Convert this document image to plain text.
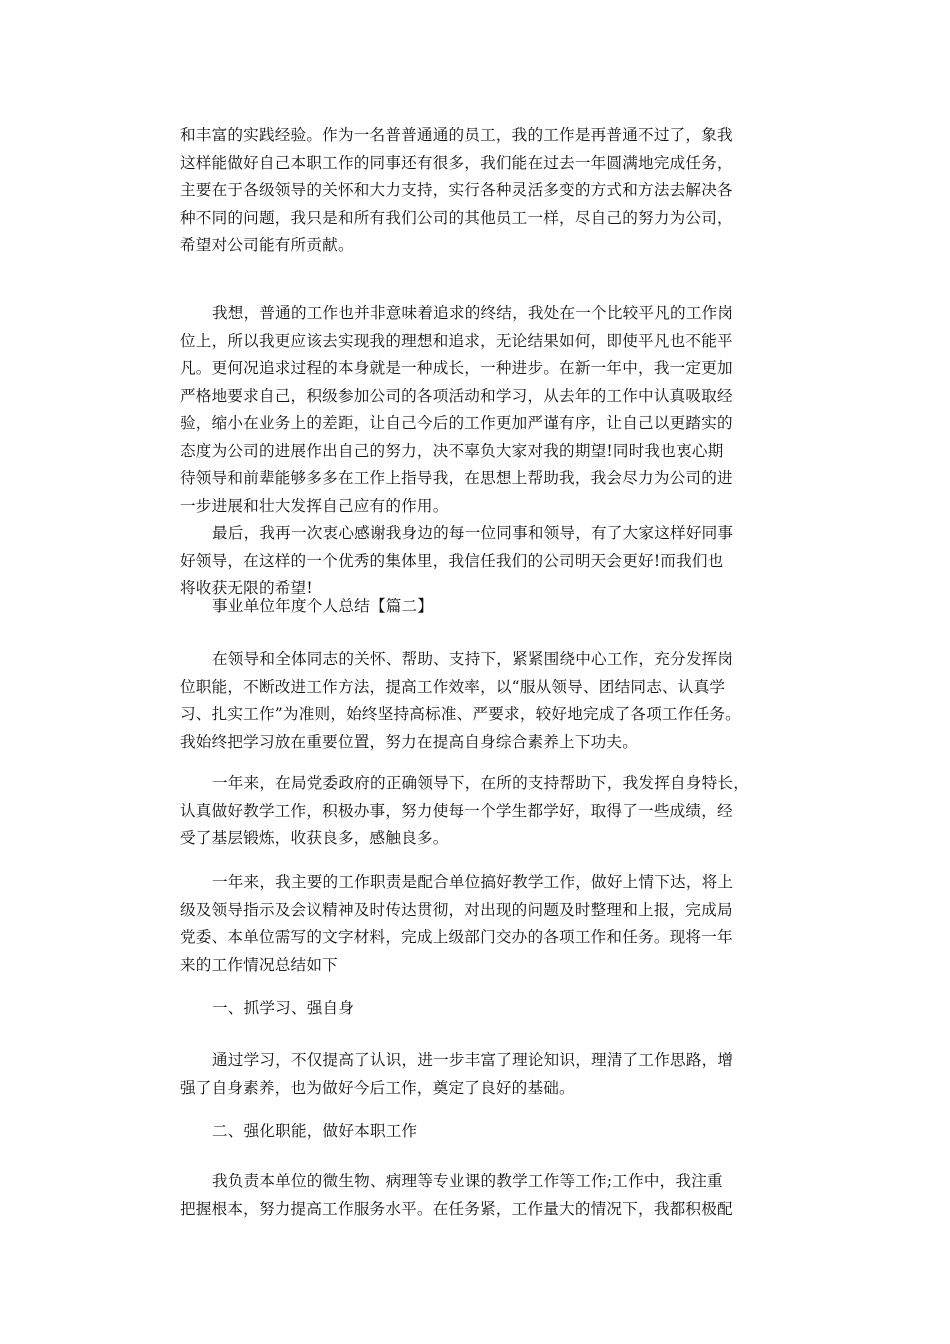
和丰富的实践经验。作为一名普普通通的员工，我的工作是再普通不过了，象我
这样能做好自己本职工作的同事还有很多，我们能在过去一年圆满地完成任务，
主要在于各级领导的关怀和大力支持，实行各种灵活多变的方式和方法去解决各
种不同的问题，我只是和所有我们公司的其他员工一样，尽自己的努力为公司，
希望对公司能有所贡献。
我想，普通的工作也并非意味着追求的终结，我处在一个比较平凡的工作岗
位上，所以我更应该去实现我的理想和追求，无论结果如何，即使平凡也不能平
凡。更何况追求过程的本身就是一种成长，一种进步。在新一年中，我一定更加
严格地要求自己，积级参加公司的各项活动和学习，从去年的工作中认真吸取经
验，缩小在业务上的差距，让自己今后的工作更加严谨有序，让自己以更踏实的
态度为公司的进展作出自己的努力，决不辜负大家对我的期望!同时我也衷心期
待领导和前辈能够多多在工作上指导我，在思想上帮助我，我会尽力为公司的进
一步进展和壮大发挥自己应有的作用。
最后，我再一次衷心感谢我身边的每一位同事和领导，有了大家这样好同事
好领导，在这样的一个优秀的集体里，我信任我们的公司明天会更好!而我们也
将收获无限的希望!
事业单位年度个人总结【篇二】
在领导和全体同志的关怀、帮助、支持下，紧紧围绕中心工作，充分发挥岗
位职能，不断改进工作方法，提高工作效率，以“服从领导、团结同志、认真学
习、扎实工作”为准则，始终坚持高标准、严要求，较好地完成了各项工作任务。
我始终把学习放在重要位置，努力在提高自身综合素养上下功夫。
一年来，在局党委政府的正确领导下，在所的支持帮助下，我发挥自身特长，
认真做好教学工作，积极办事，努力使每一个学生都学好，取得了一些成绩，经
受了基层锻炼，收获良多，感触良多。
一年来，我主要的工作职责是配合单位搞好教学工作，做好上情下达，将上
级及领导指示及会议精神及时传达贯彻，对出现的问题及时整理和上报，完成局
党委、本单位需写的文字材料，完成上级部门交办的各项工作和任务。现将一年
来的工作情况总结如下
一、抓学习、强自身
通过学习，不仅提高了认识，进一步丰富了理论知识，理清了工作思路，增
强了自身素养，也为做好今后工作，奠定了良好的基础。
二、强化职能，做好本职工作
我负责本单位的微生物、病理等专业课的教学工作等工作;工作中，我注重
把握根本，努力提高工作服务水平。在任务紧，工作量大的情况下，我都积极配
